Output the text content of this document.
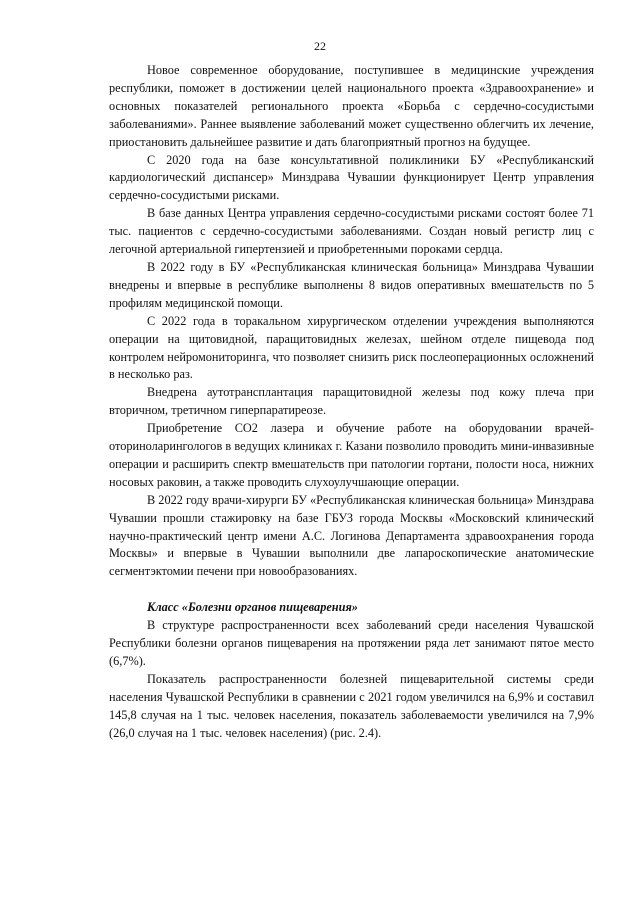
22

Новое современное оборудование, поступившее в медицинские учреждения республики, поможет в достижении целей национального проекта «Здравоохранение» и основных показателей регионального проекта «Борьба с сердечно-сосудистыми заболеваниями». Раннее выявление заболеваний может существенно облегчить их лечение, приостановить дальнейшее развитие и дать благоприятный прогноз на будущее.

С 2020 года на базе консультативной поликлиники БУ «Республиканский кардиологический диспансер» Минздрава Чувашии функционирует Центр управления сердечно-сосудистыми рисками.

В базе данных Центра управления сердечно-сосудистыми рисками состоят более 71 тыс. пациентов с сердечно-сосудистыми заболеваниями. Создан новый регистр лиц с легочной артериальной гипертензией и приобретенными пороками сердца.

В 2022 году в БУ «Республиканская клиническая больница» Минздрава Чувашии внедрены и впервые в республике выполнены 8 видов оперативных вмешательств по 5 профилям медицинской помощи.

С 2022 года в торакальном хирургическом отделении учреждения выполняются операции на щитовидной, паращитовидных железах, шейном отделе пищевода под контролем нейромониторинга, что позволяет снизить риск послеоперационных осложнений в несколько раз.

Внедрена аутотрансплантация паращитовидной железы под кожу плеча при вторичном, третичном гиперпаратиреозе.

Приобретение СО2 лазера и обучение работе на оборудовании врачей-оториноларингологов в ведущих клиниках г. Казани позволило проводить мини-инвазивные операции и расширить спектр вмешательств при патологии гортани, полости носа, нижних носовых раковин, а также проводить слухоулучшающие операции.

В 2022 году врачи-хирурги БУ «Республиканская клиническая больница» Минздрава Чувашии прошли стажировку на базе ГБУЗ города Москвы «Московский клинический научно-практический центр имени А.С. Логинова Департамента здравоохранения города Москвы» и впервые в Чувашии выполнили две лапароскопические анатомические сегментэктомии печени при новообразованиях.

Класс «Болезни органов пищеварения»

В структуре распространенности всех заболеваний среди населения Чувашской Республики болезни органов пищеварения на протяжении ряда лет занимают пятое место (6,7%).

Показатель распространенности болезней пищеварительной системы среди населения Чувашской Республики в сравнении с 2021 годом увеличился на 6,9% и составил 145,8 случая на 1 тыс. человек населения, показатель заболеваемости увеличился на 7,9% (26,0 случая на 1 тыс. человек населения) (рис. 2.4).
